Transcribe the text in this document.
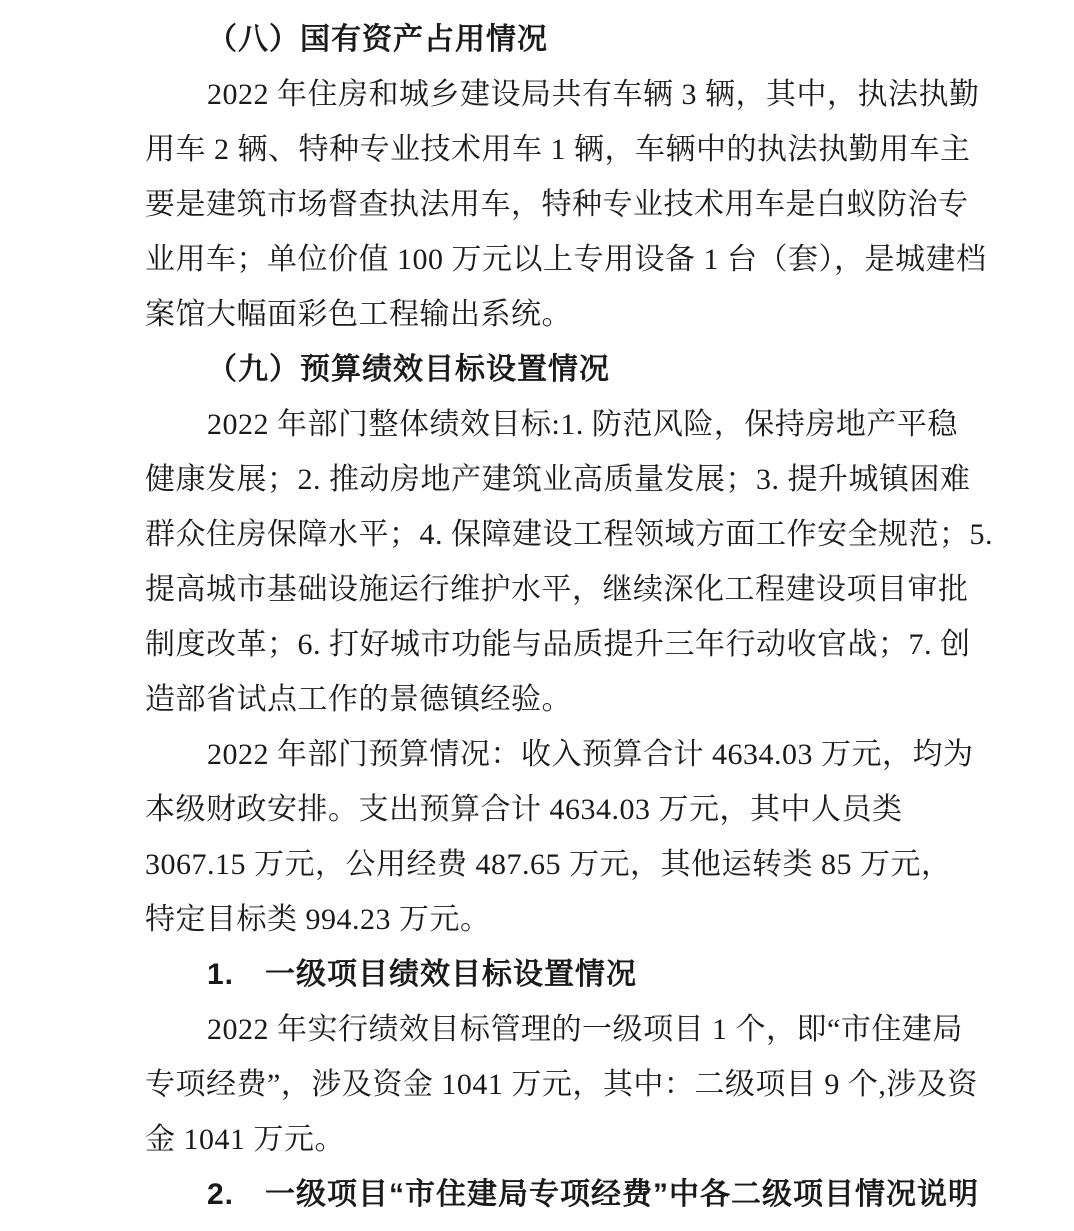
（八）国有资产占用情况
2022 年住房和城乡建设局共有车辆 3 辆，其中，执法执勤
用车 2 辆、特种专业技术用车 1 辆，车辆中的执法执勤用车主
要是建筑市场督查执法用车，特种专业技术用车是白蚁防治专
业用车；单位价值 100 万元以上专用设备 1 台（套），是城建档
案馆大幅面彩色工程输出系统。
（九）预算绩效目标设置情况
2022 年部门整体绩效目标:1. 防范风险，保持房地产平稳
健康发展；2. 推动房地产建筑业高质量发展；3. 提升城镇困难
群众住房保障水平；4. 保障建设工程领域方面工作安全规范；5.
提高城市基础设施运行维护水平，继续深化工程建设项目审批
制度改革；6. 打好城市功能与品质提升三年行动收官战；7. 创
造部省试点工作的景德镇经验。
2022 年部门预算情况：收入预算合计 4634.03 万元，均为
本级财政安排。支出预算合计 4634.03 万元，其中人员类
3067.15 万元，公用经费 487.65 万元，其他运转类 85 万元，
特定目标类 994.23 万元。
1.　一级项目绩效目标设置情况
2022 年实行绩效目标管理的一级项目 1 个，即“市住建局
专项经费”，涉及资金 1041 万元，其中：二级项目 9 个,涉及资
金 1041 万元。
2.　一级项目“市住建局专项经费”中各二级项目情况说明
